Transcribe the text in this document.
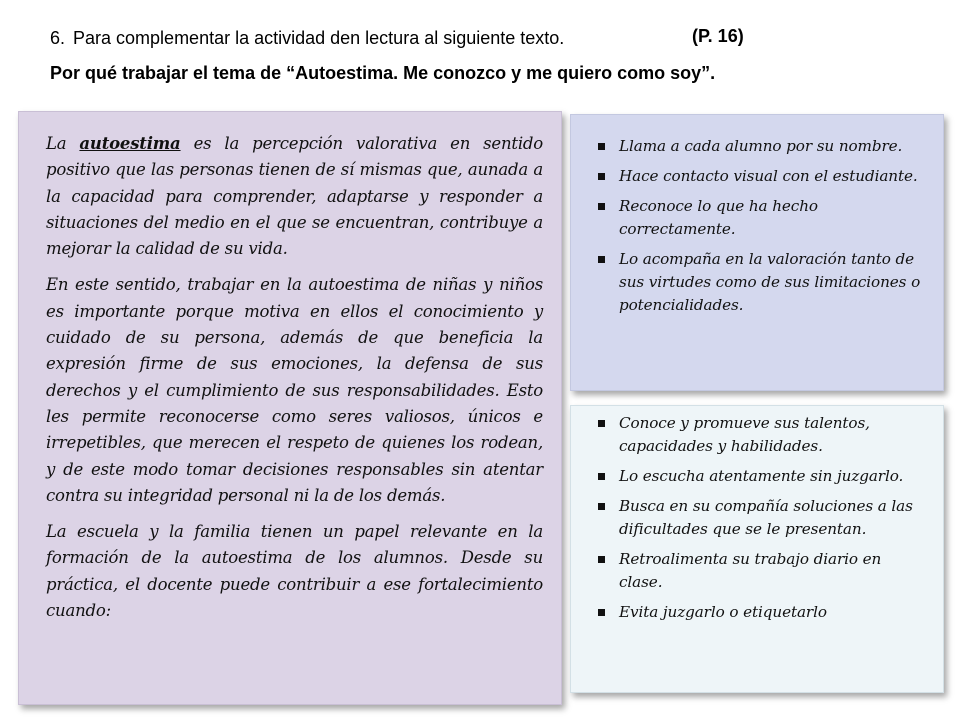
6. Para complementar la actividad den lectura al siguiente texto.	(P. 16)
Por qué trabajar el tema de “Autoestima. Me conozco y me quiero como soy”.

La autoestima es la percepción valorativa en sentido positivo que las personas tienen de sí mismas que, aunada a la capacidad para comprender, adaptarse y responder a situaciones del medio en el que se encuentran, contribuye a mejorar la calidad de su vida.

En este sentido, trabajar en la autoestima de niñas y niños es importante porque motiva en ellos el conocimiento y cuidado de su persona, además de que beneficia la expresión firme de sus emociones, la defensa de sus derechos y el cumplimiento de sus responsabilidades. Esto les permite reconocerse como seres valiosos, únicos e irrepetibles, que merecen el respeto de quienes los rodean, y de este modo tomar decisiones responsables sin atentar contra su integridad personal ni la de los demás.

La escuela y la familia tienen un papel relevante en la formación de la autoestima de los alumnos. Desde su práctica, el docente puede contribuir a ese fortalecimiento cuando:

Llama a cada alumno por su nombre.
Hace contacto visual con el estudiante.
Reconoce lo que ha hecho correctamente.
Lo acompaña en la valoración tanto de sus virtudes como de sus limitaciones o potencialidades.
Conoce y promueve sus talentos, capacidades y habilidades.
Lo escucha atentamente sin juzgarlo.
Busca en su compañía soluciones a las dificultades que se le presentan.
Retroalimenta su trabajo diario en clase.
Evita juzgarlo o etiquetarlo
